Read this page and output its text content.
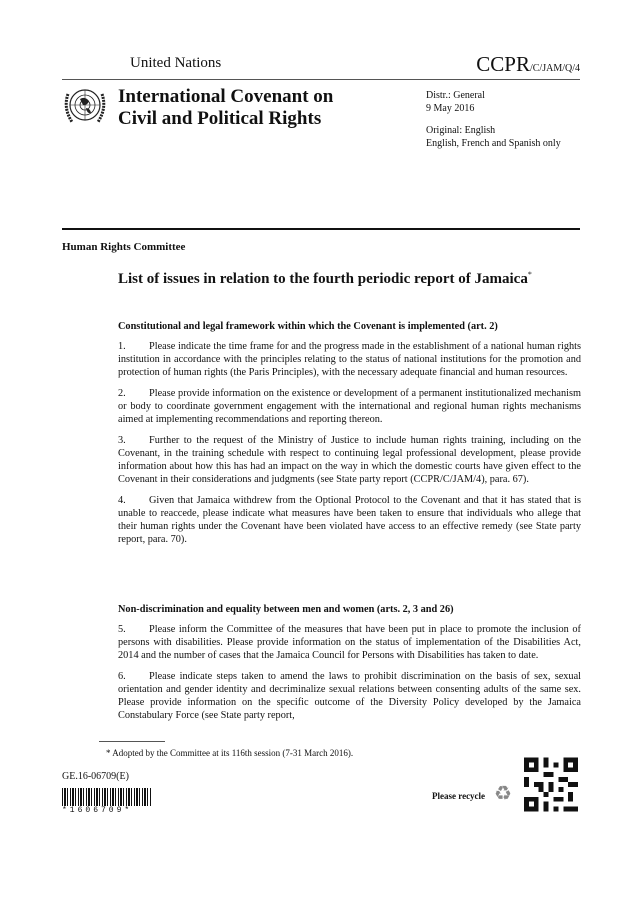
United Nations	CCPR/C/JAM/Q/4
International Covenant on
Civil and Political Rights
Distr.: General
9 May 2016
Original: English
English, French and Spanish only
Human Rights Committee
List of issues in relation to the fourth periodic report of Jamaica*
Constitutional and legal framework within which the Covenant is implemented (art. 2)

1. Please indicate the time frame for and the progress made in the establishment of a national human rights institution in accordance with the principles relating to the status of national institutions for the promotion and protection of human rights (the Paris Principles), with the necessary adequate financial and human resources.

2. Please provide information on the existence or development of a permanent institutionalized mechanism or body to coordinate government engagement with the international and regional human rights mechanisms aimed at implementing recommendations and reporting thereon.

3. Further to the request of the Ministry of Justice to include human rights training, including on the Covenant, in the training schedule with respect to continuing legal professional development, please provide information about how this has had an impact on the way in which the domestic courts have given effect to the Covenant in their considerations and judgments (see State party report (CCPR/C/JAM/4), para. 67).

4. Given that Jamaica withdrew from the Optional Protocol to the Covenant and that it has stated that is unable to reaccede, please indicate what measures have been taken to ensure that individuals who allege that their human rights under the Covenant have been violated have access to an effective remedy (see State party report, para. 70).

Non-discrimination and equality between men and women (arts. 2, 3 and 26)

5. Please inform the Committee of the measures that have been put in place to promote the inclusion of persons with disabilities. Please provide information on the status of implementation of the Disabilities Act, 2014 and the number of cases that the Jamaica Council for Persons with Disabilities has taken to date.

6. Please indicate steps taken to amend the laws to prohibit discrimination on the basis of sex, sexual orientation and gender identity and decriminalize sexual relations between consenting adults of the same sex. Please provide information on the specific outcome of the Diversity Policy developed by the Jamaica Constabulary Force (see State party report,

* Adopted by the Committee at its 116th session (7-31 March 2016).
GE.16-06709(E)
*1606709*
Please recycle ♻
